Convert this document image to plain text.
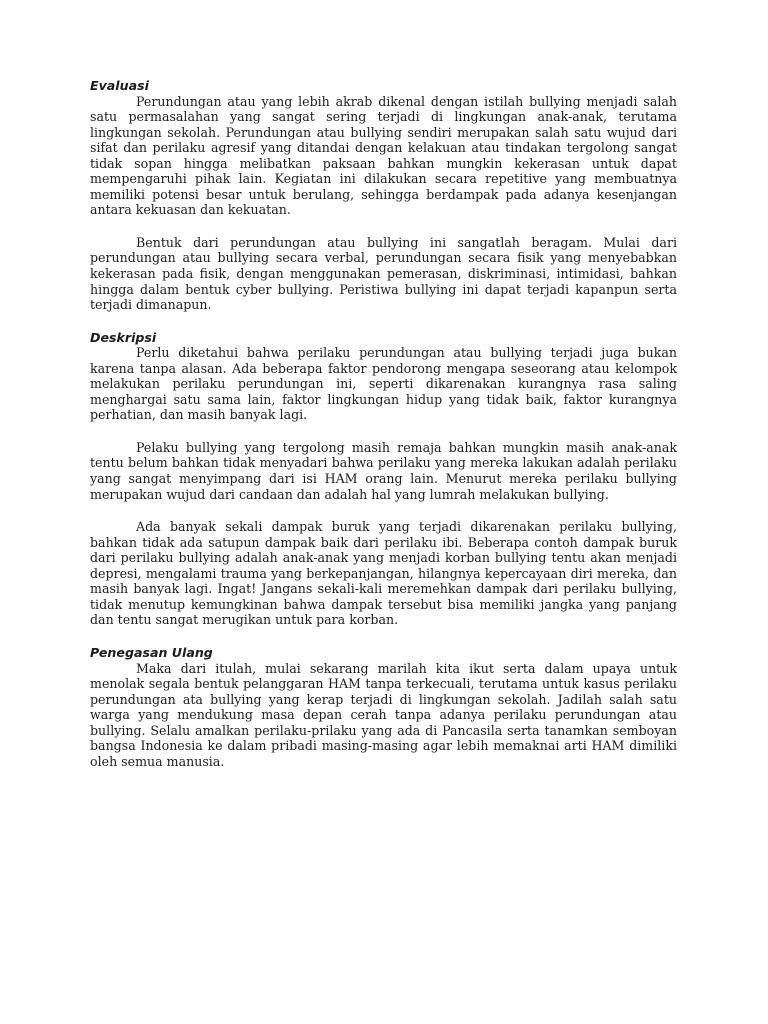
Evaluasi

Perundungan atau yang lebih akrab dikenal dengan istilah bullying menjadi salah satu permasalahan yang sangat sering terjadi di lingkungan anak-anak, terutama lingkungan sekolah. Perundungan atau bullying sendiri merupakan salah satu wujud dari sifat dan perilaku agresif yang ditandai dengan kelakuan atau tindakan tergolong sangat tidak sopan hingga melibatkan paksaan bahkan mungkin kekerasan untuk dapat mempengaruhi pihak lain. Kegiatan ini dilakukan secara repetitive yang membuatnya memiliki potensi besar untuk berulang, sehingga berdampak pada adanya kesenjangan antara kekuasan dan kekuatan.

Bentuk dari perundungan atau bullying ini sangatlah beragam. Mulai dari perundungan atau bullying secara verbal, perundungan secara fisik yang menyebabkan kekerasan pada fisik, dengan menggunakan pemerasan, diskriminasi, intimidasi, bahkan hingga dalam bentuk cyber bullying. Peristiwa bullying ini dapat terjadi kapanpun serta terjadi dimanapun.

Deskripsi

Perlu diketahui bahwa perilaku perundungan atau bullying terjadi juga bukan karena tanpa alasan. Ada beberapa faktor pendorong mengapa seseorang atau kelompok melakukan perilaku perundungan ini, seperti dikarenakan kurangnya rasa saling menghargai satu sama lain, faktor lingkungan hidup yang tidak baik, faktor kurangnya perhatian, dan masih banyak lagi.

Pelaku bullying yang tergolong masih remaja bahkan mungkin masih anak-anak tentu belum bahkan tidak menyadari bahwa perilaku yang mereka lakukan adalah perilaku yang sangat menyimpang dari isi HAM orang lain. Menurut mereka perilaku bullying merupakan wujud dari candaan dan adalah hal yang lumrah melakukan bullying.

Ada banyak sekali dampak buruk yang terjadi dikarenakan perilaku bullying, bahkan tidak ada satupun dampak baik dari perilaku ibi. Beberapa contoh dampak buruk dari perilaku bullying adalah anak-anak yang menjadi korban bullying tentu akan menjadi depresi, mengalami trauma yang berkepanjangan, hilangnya kepercayaan diri mereka, dan masih banyak lagi. Ingat! Jangans sekali-kali meremehkan dampak dari perilaku bullying, tidak menutup kemungkinan bahwa dampak tersebut bisa memiliki jangka yang panjang dan tentu sangat merugikan untuk para korban.

Penegasan Ulang

Maka dari itulah, mulai sekarang marilah kita ikut serta dalam upaya untuk menolak segala bentuk pelanggaran HAM tanpa terkecuali, terutama untuk kasus perilaku perundungan ata bullying yang kerap terjadi di lingkungan sekolah. Jadilah salah satu warga yang mendukung masa depan cerah tanpa adanya perilaku perundungan atau bullying. Selalu amalkan perilaku-prilaku yang ada di Pancasila serta tanamkan semboyan bangsa Indonesia ke dalam pribadi masing-masing agar lebih memaknai arti HAM dimiliki oleh semua manusia.
